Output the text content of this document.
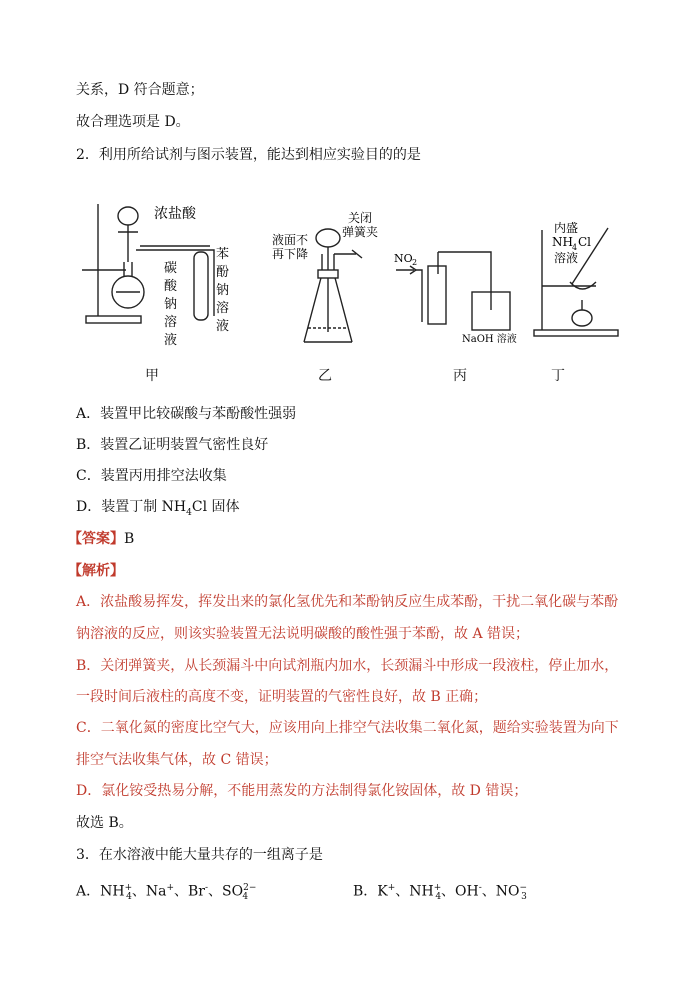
关系，D 符合题意；
故合理选项是 D。
2．利用所给试剂与图示装置，能达到相应实验目的的是
浓盐酸
碳
酸
钠
溶
液
苯
酚
钠
溶
液
液面不
再下降
关闭
弹簧夹
NO 2
NaOH 溶液
内盛
NH 4 Cl
溶液
甲	乙	丙	丁
A．装置甲比较碳酸与苯酚酸性强弱
B．装置乙证明装置气密性良好
C．装置丙用排空法收集
D．装置丁制 $NH_4Cl$ 固体
【答案】B
【解析】
A．浓盐酸易挥发，挥发出来的氯化氢优先和苯酚钠反应生成苯酚，干扰二氧化碳与苯酚
钠溶液的反应，则该实验装置无法说明碳酸的酸性强于苯酚，故 A 错误；
B．关闭弹簧夹，从长颈漏斗中向试剂瓶内加水，长颈漏斗中形成一段液柱，停止加水，
一段时间后液柱的高度不变，证明装置的气密性良好，故 B 正确；
C．二氧化氮的密度比空气大，应该用向上排空气法收集二氧化氮，题给实验装置为向下
排空气法收集气体，故 C 错误；
D．氯化铵受热易分解，不能用蒸发的方法制得氯化铵固体，故 D 错误；
故选 B。
3．在水溶液中能大量共存的一组离子是
A．$NH^+_4$、Na+、Br-、$SO^{2-}_4$	B．K+、$NH^+_4$、OH-、$NO^-_3$
